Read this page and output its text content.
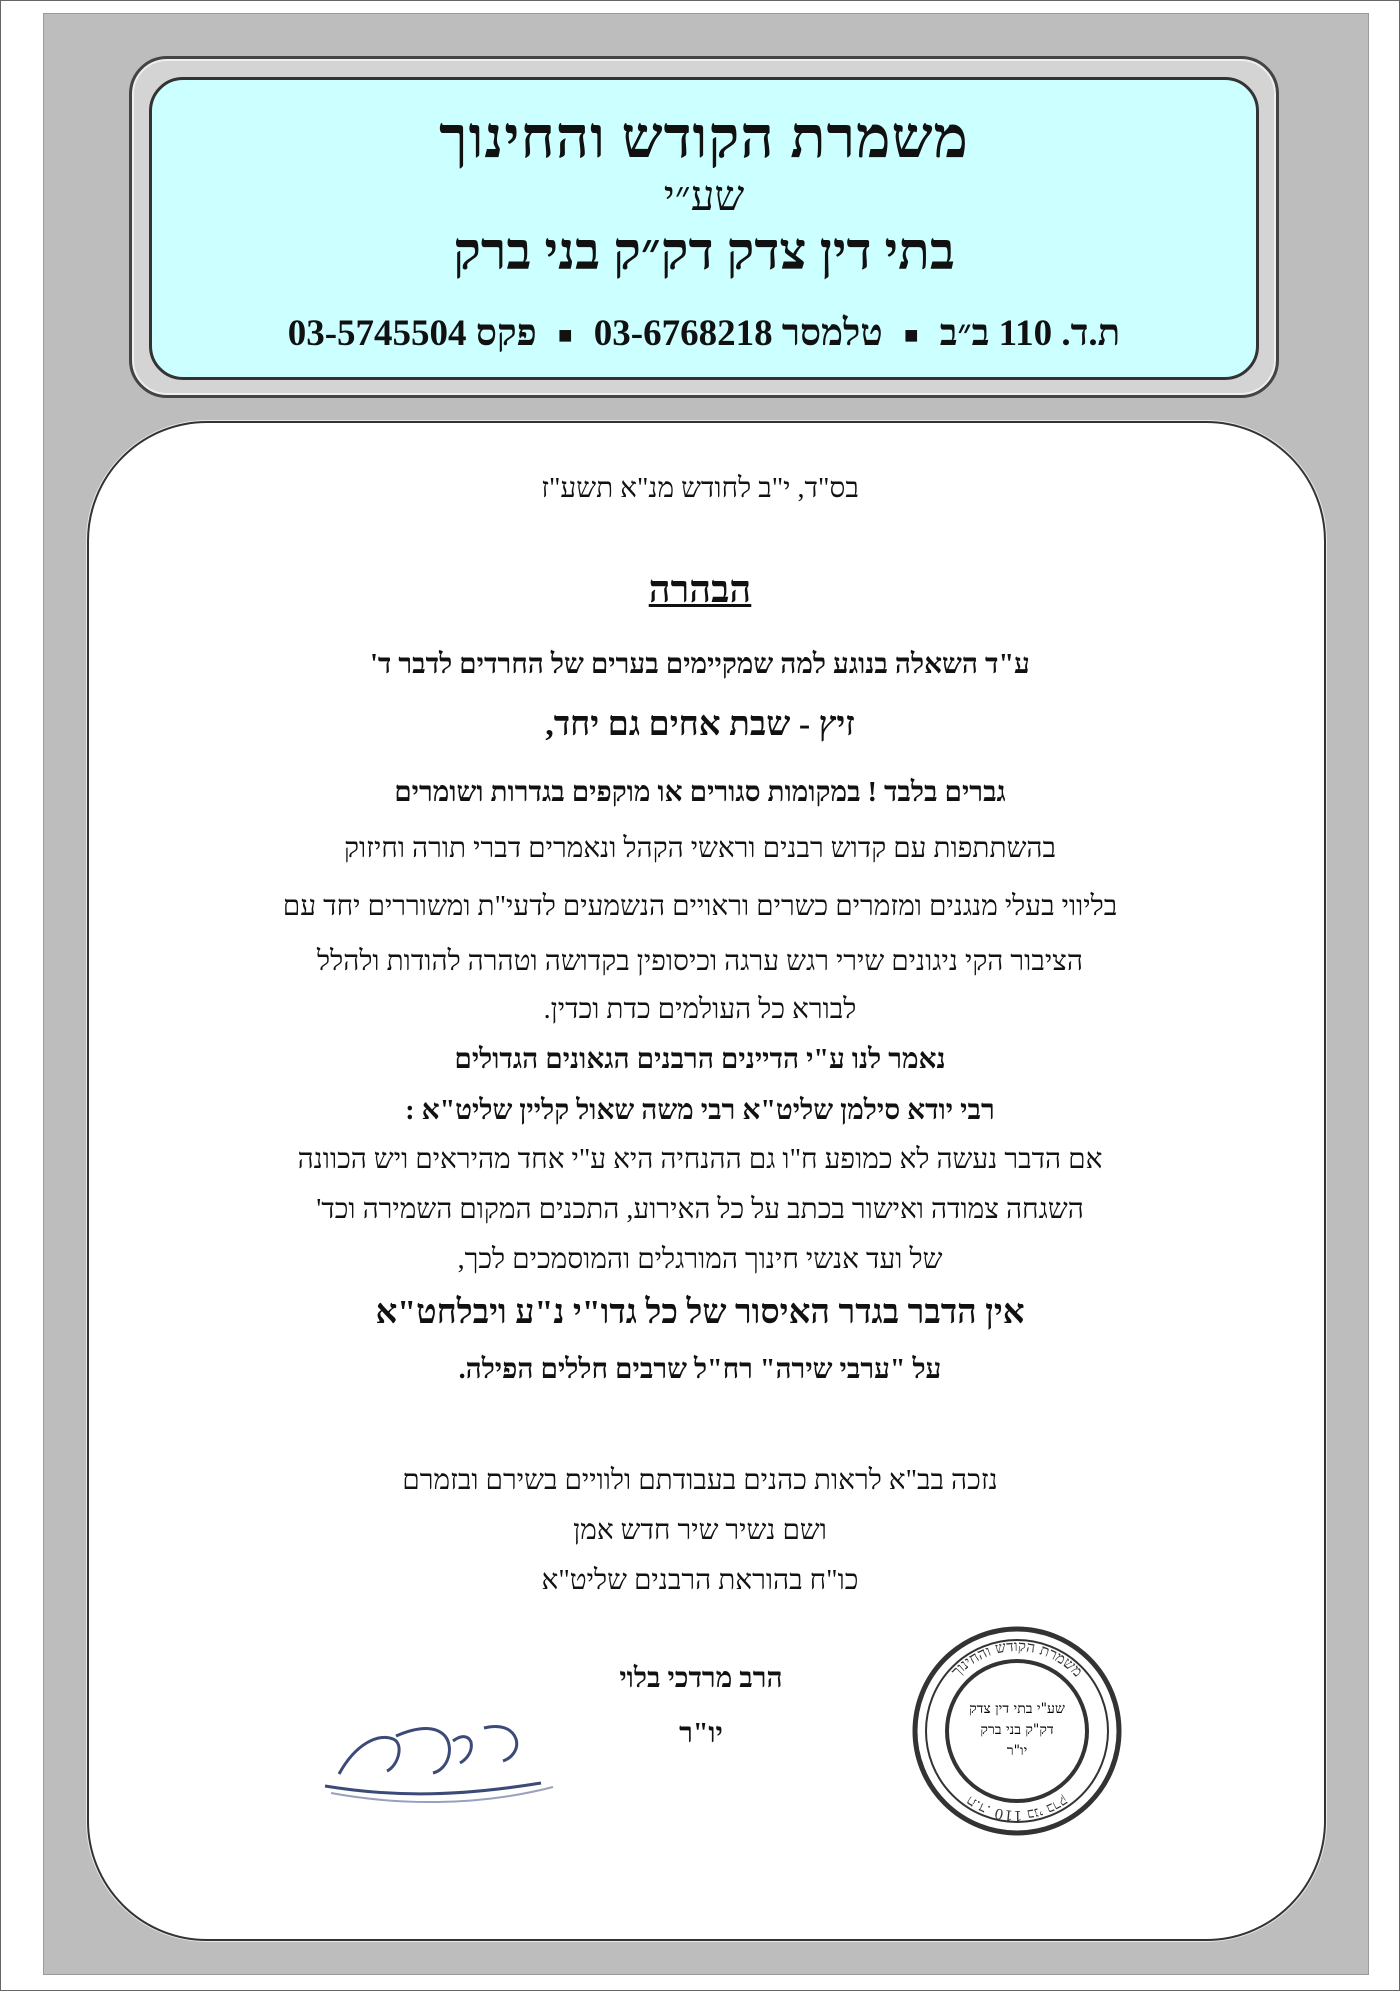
משמרת הקודש והחינוך
שע״י
בתי דין צדק דק״ק בני ברק
ת.ד. 110 ב״ב ■ טלמסר 03-6768218 ■ פקס 03-5745504
בס"ד, י"ב לחודש מנ"א תשע"ז
הבהרה
ע"ד השאלה בנוגע למה שמקיימים בערים של החרדים לדבר ד'
זיץ - שבת אחים גם יחד,
גברים בלבד ! במקומות סגורים או מוקפים בגדרות ושומרים
בהשתתפות עם קדוש רבנים וראשי הקהל ונאמרים דברי תורה וחיזוק
בליווי בעלי מנגנים ומזמרים כשרים וראויים הנשמעים לדעי"ת ומשוררים יחד עם
הציבור הקי ניגונים שירי רגש ערגה וכיסופין בקדושה וטהרה להודות ולהלל
לבורא כל העולמים כדת וכדין.
נאמר לנו ע"י הדיינים הרבנים הגאונים הגדולים
רבי יודא סילמן שליט"א רבי משה שאול קליין שליט"א :
אם הדבר נעשה לא כמופע ח"ו גם ההנחיה היא ע"י אחד מהיראים ויש הכוונה
השגחה צמודה ואישור בכתב על כל האירוע, התכנים המקום השמירה וכד'
של ועד אנשי חינוך המורגלים והמוסמכים לכך,
אין הדבר בגדר האיסור של כל גדו"י נ"ע ויבלחט"א
על "ערבי שירה" רח"ל שרבים חללים הפילה.
נזכה בב"א לראות כהנים בעבודתם ולוויים בשירם ובזמרם
ושם נשיר שיר חדש אמן
כו"ח בהוראת הרבנים שליט"א
הרב מרדכי בלוי
יו"ר
משמרת הקודש והחינוך
ת.ד. 110 בני ברק
שע"י בתי דין צדק
דק"ק בני ברק
יו"ר
